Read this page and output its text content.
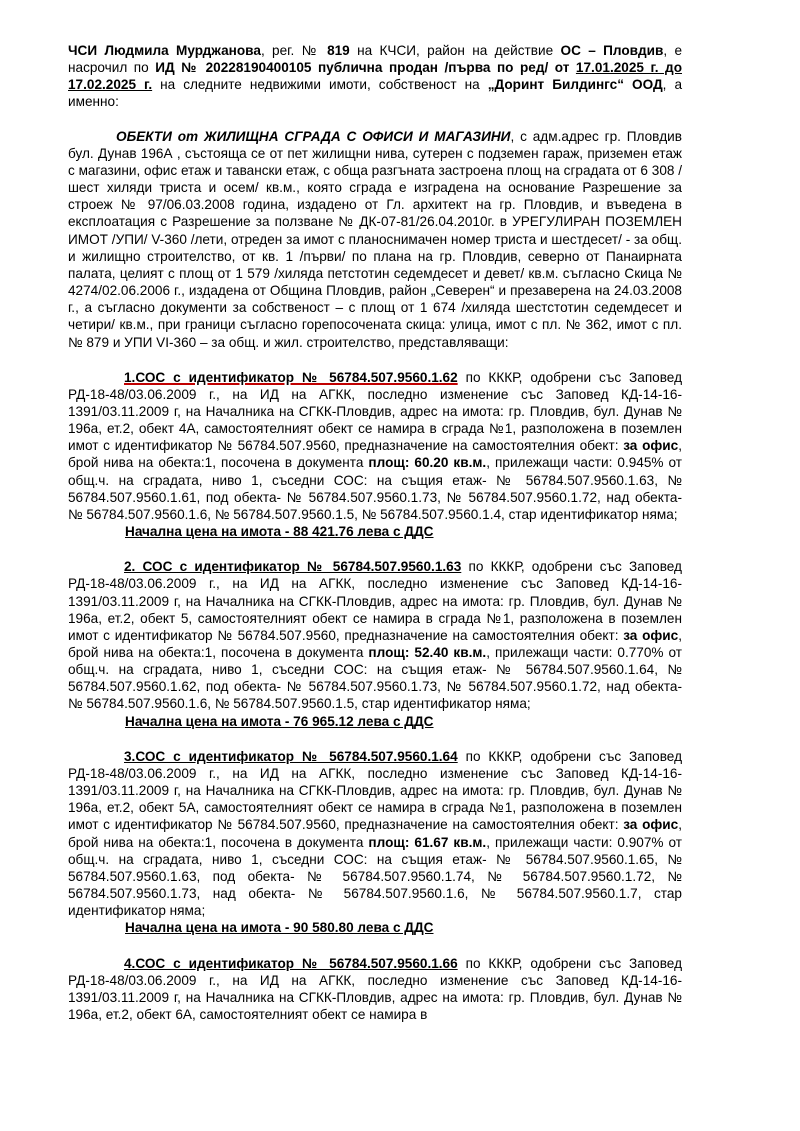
ЧСИ Людмила Мурджанова, рег. № 819 на КЧСИ, район на действие ОС – Пловдив, е насрочил по ИД № 20228190400105 публична продан /първа по ред/ от 17.01.2025 г. до 17.02.2025 г. на следните недвижими имоти, собственост на „Доринт Билдингс“ ООД, а именно:

ОБЕКТИ от ЖИЛИЩНА СГРАДА С ОФИСИ И МАГАЗИНИ, с адм.адрес гр. Пловдив бул. Дунав 196А , състояща се от пет жилищни нива, сутерен с подземен гараж, приземен етаж с магазини, офис етаж и тавански етаж, с обща разгъната застроена площ на сградата от 6 308 /шест хиляди триста и осем/ кв.м., която сграда е изградена на основание Разрешение за строеж № 97/06.03.2008 година, издадено от Гл. архитект на гр. Пловдив, и въведена в експлоатация с Разрешение за ползване № ДК-07-81/26.04.2010г. в УРЕГУЛИРАН ПОЗЕМЛЕН ИМОТ /УПИ/ V-360 /лети, отреден за имот с планоснимачен номер триста и шестдесет/ - за общ. и жилищно строителство, от кв. 1 /първи/ по плана на гр. Пловдив, северно от Панаирната палата, целият с площ от 1 579 /хиляда петстотин седемдесет и девет/ кв.м. съгласно Скица № 4274/02.06.2006 г., издадена от Община Пловдив, район „Северен“ и презаверена на 24.03.2008 г., а съгласно документи за собственост – с площ от 1 674 /хиляда шестстотин седемдесет и четири/ кв.м., при граници съгласно горепосочената скица: улица, имот с пл. № 362, имот с пл. № 879 и УПИ VI-360 – за общ. и жил. строителство, представляващи:

1.СОС с идентификатор № 56784.507.9560.1.62 по КККР, одобрени със Заповед РД-18-48/03.06.2009 г., на ИД на АГКК, последно изменение със Заповед КД-14-16-1391/03.11.2009 г, на Началника на СГКК-Пловдив, адрес на имота: гр. Пловдив, бул. Дунав № 196а, ет.2, обект 4А, самостоятелният обект се намира в сграда №1, разположена в поземлен имот с идентификатор № 56784.507.9560, предназначение на самостоятелния обект: за офис, брой нива на обекта:1, посочена в документа площ: 60.20 кв.м., прилежащи части: 0.945% от общ.ч. на сградата, ниво 1, съседни СОС: на същия етаж- № 56784.507.9560.1.63, № 56784.507.9560.1.61, под обекта- № 56784.507.9560.1.73, № 56784.507.9560.1.72, над обекта- № 56784.507.9560.1.6, № 56784.507.9560.1.5, № 56784.507.9560.1.4, стар идентификатор няма;

Начална цена на имота - 88 421.76 лева с ДДС

2. СОС с идентификатор № 56784.507.9560.1.63 по КККР, одобрени със Заповед РД-18-48/03.06.2009 г., на ИД на АГКК, последно изменение със Заповед КД-14-16-1391/03.11.2009 г, на Началника на СГКК-Пловдив, адрес на имота: гр. Пловдив, бул. Дунав № 196а, ет.2, обект 5, самостоятелният обект се намира в сграда №1, разположена в поземлен имот с идентификатор № 56784.507.9560, предназначение на самостоятелния обект: за офис, брой нива на обекта:1, посочена в документа площ: 52.40 кв.м., прилежащи части: 0.770% от общ.ч. на сградата, ниво 1, съседни СОС: на същия етаж- № 56784.507.9560.1.64, № 56784.507.9560.1.62, под обекта- № 56784.507.9560.1.73, № 56784.507.9560.1.72, над обекта- № 56784.507.9560.1.6, № 56784.507.9560.1.5, стар идентификатор няма;

Начална цена на имота - 76 965.12 лева с ДДС

3.СОС с идентификатор № 56784.507.9560.1.64 по КККР, одобрени със Заповед РД-18-48/03.06.2009 г., на ИД на АГКК, последно изменение със Заповед КД-14-16-1391/03.11.2009 г, на Началника на СГКК-Пловдив, адрес на имота: гр. Пловдив, бул. Дунав № 196а, ет.2, обект 5А, самостоятелният обект се намира в сграда №1, разположена в поземлен имот с идентификатор № 56784.507.9560, предназначение на самостоятелния обект: за офис, брой нива на обекта:1, посочена в документа площ: 61.67 кв.м., прилежащи части: 0.907% от общ.ч. на сградата, ниво 1, съседни СОС: на същия етаж- № 56784.507.9560.1.65, № 56784.507.9560.1.63, под обекта- № 56784.507.9560.1.74, № 56784.507.9560.1.72, № 56784.507.9560.1.73, над обекта- № 56784.507.9560.1.6, № 56784.507.9560.1.7, стар идентификатор няма;

Начална цена на имота - 90 580.80 лева с ДДС

4.СОС с идентификатор № 56784.507.9560.1.66 по КККР, одобрени със Заповед РД-18-48/03.06.2009 г., на ИД на АГКК, последно изменение със Заповед КД-14-16-1391/03.11.2009 г, на Началника на СГКК-Пловдив, адрес на имота: гр. Пловдив, бул. Дунав № 196а, ет.2, обект 6А, самостоятелният обект се намира в
